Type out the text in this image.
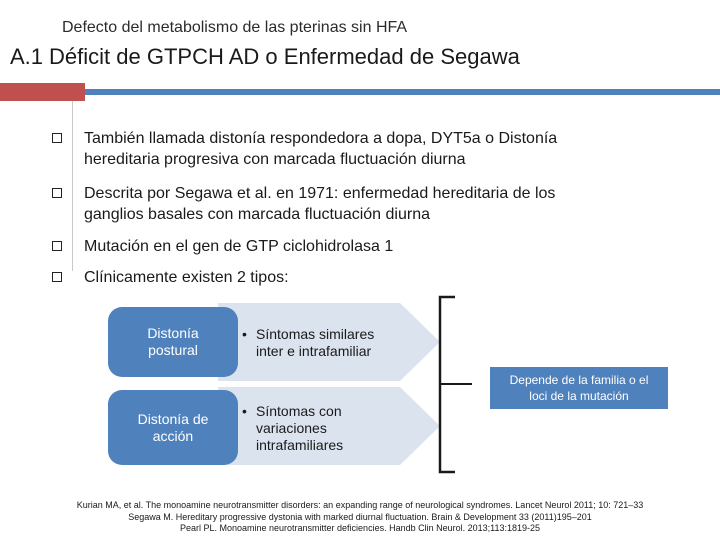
Defecto del metabolismo de las pterinas sin HFA
A.1 Déficit de GTPCH AD o Enfermedad de Segawa
También llamada distonía respondedora a dopa, DYT5a o Distonía
hereditaria progresiva con marcada fluctuación diurna
Descrita por Segawa et al. en 1971: enfermedad hereditaria de los
ganglios basales con marcada fluctuación diurna
Mutación en el gen de GTP ciclohidrolasa 1
Clínicamente existen 2 tipos:
Distonía
postural
Distonía de
acción
• Síntomas similares
inter e intrafamiliar
• Síntomas con
variaciones
intrafamiliares
Depende de la familia o el
loci de la mutación
Kurian MA, et al. The monoamine neurotransmitter disorders: an expanding range of neurological syndromes. Lancet Neurol 2011; 10: 721–33
Segawa M. Hereditary progressive dystonia with marked diurnal fluctuation. Brain & Development 33 (2011)195–201
Pearl PL. Monoamine neurotransmitter deficiencies. Handb Clin Neurol. 2013;113:1819-25
